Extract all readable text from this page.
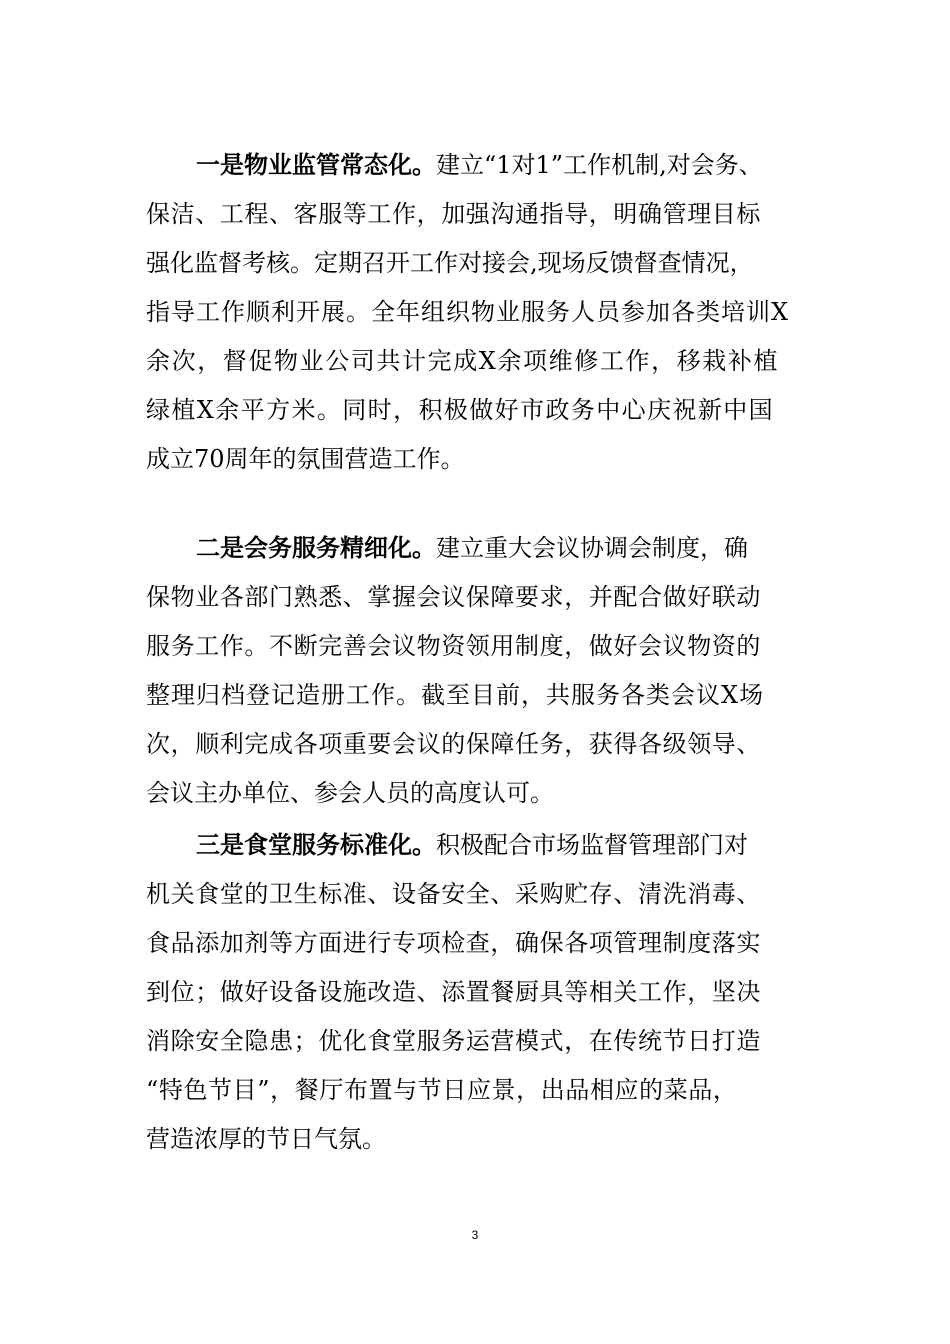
一是物业监管常态化。建立“1对1”工作机制,对会务、
保洁、工程、客服等工作，加强沟通指导，明确管理目标
强化监督考核。定期召开工作对接会,现场反馈督查情况，
指导工作顺利开展。全年组织物业服务人员参加各类培训X
余次，督促物业公司共计完成X余项维修工作，移栽补植
绿植X余平方米。同时，积极做好市政务中心庆祝新中国
成立70周年的氛围营造工作。
二是会务服务精细化。建立重大会议协调会制度，确
保物业各部门熟悉、掌握会议保障要求，并配合做好联动
服务工作。不断完善会议物资领用制度，做好会议物资的
整理归档登记造册工作。截至目前，共服务各类会议X场
次，顺利完成各项重要会议的保障任务，获得各级领导、
会议主办单位、参会人员的高度认可。
三是食堂服务标准化。积极配合市场监督管理部门对
机关食堂的卫生标准、设备安全、采购贮存、清洗消毒、
食品添加剂等方面进行专项检查，确保各项管理制度落实
到位；做好设备设施改造、添置餐厨具等相关工作，坚决
消除安全隐患；优化食堂服务运营模式，在传统节日打造
“特色节目”，餐厅布置与节日应景，出品相应的菜品，
营造浓厚的节日气氛。
3
